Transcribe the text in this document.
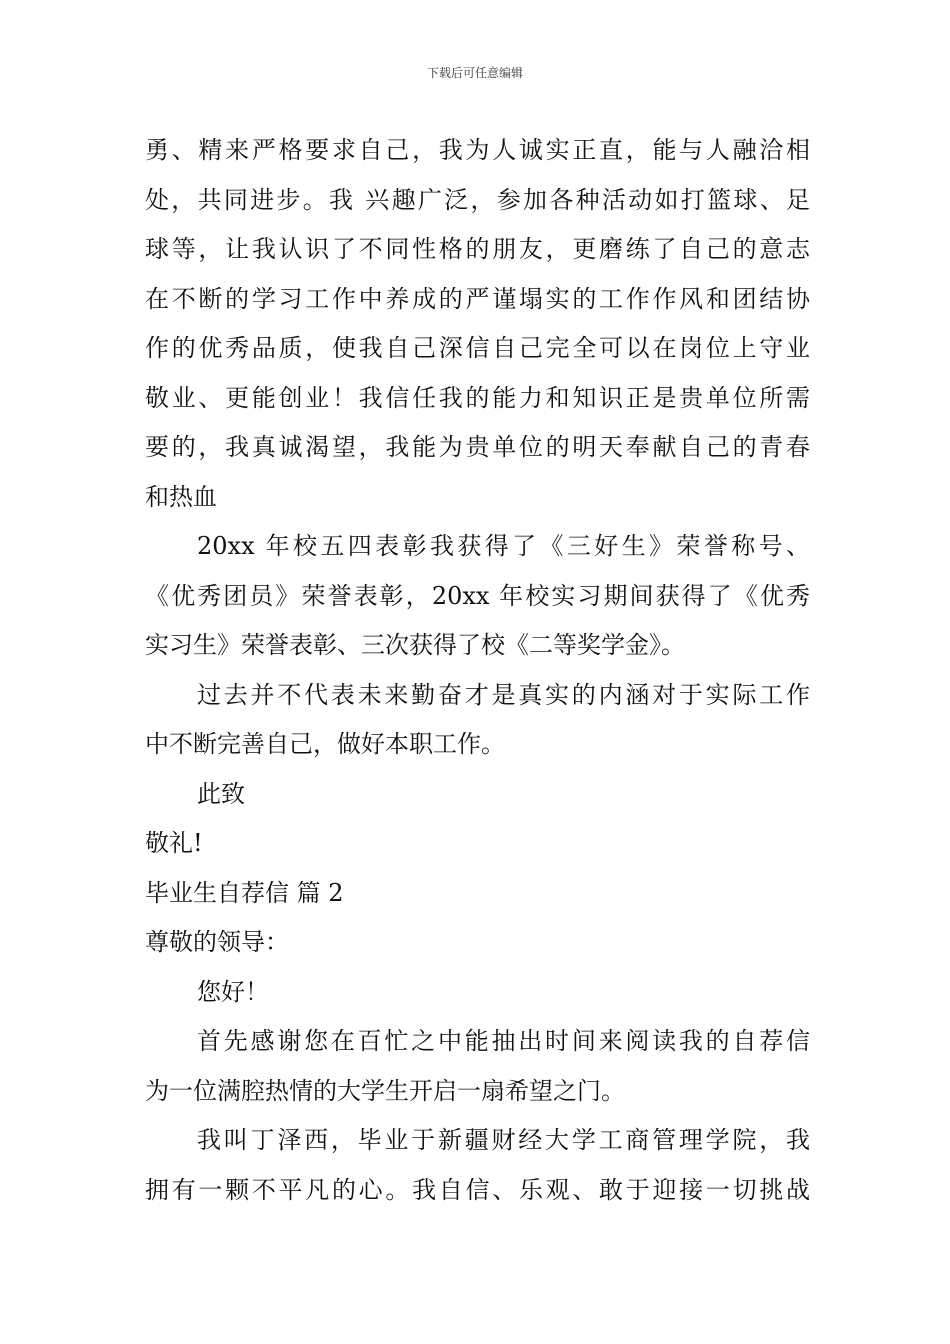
下载后可任意编辑
勇、精来严格要求自己，我为人诚实正直，能与人融洽相
处，共同进步。我 兴趣广泛，参加各种活动如打篮球、足
球等，让我认识了不同性格的朋友，更磨练了自己的意志
在不断的学习工作中养成的严谨塌实的工作作风和团结协
作的优秀品质，使我自己深信自己完全可以在岗位上守业
敬业、更能创业！我信任我的能力和知识正是贵单位所需
要的，我真诚渴望，我能为贵单位的明天奉献自己的青春
和热血
20xx 年校五四表彰我获得了《三好生》荣誉称号、
《优秀团员》荣誉表彰，20xx 年校实习期间获得了《优秀
实习生》荣誉表彰、三次获得了校《二等奖学金》。
过去并不代表未来勤奋才是真实的内涵对于实际工作
中不断完善自己，做好本职工作。
此致
敬礼!
毕业生自荐信 篇 2
尊敬的领导：
您好！
首先感谢您在百忙之中能抽出时间来阅读我的自荐信
为一位满腔热情的大学生开启一扇希望之门。
我叫丁泽西，毕业于新疆财经大学工商管理学院，我
拥有一颗不平凡的心。我自信、乐观、敢于迎接一切挑战
